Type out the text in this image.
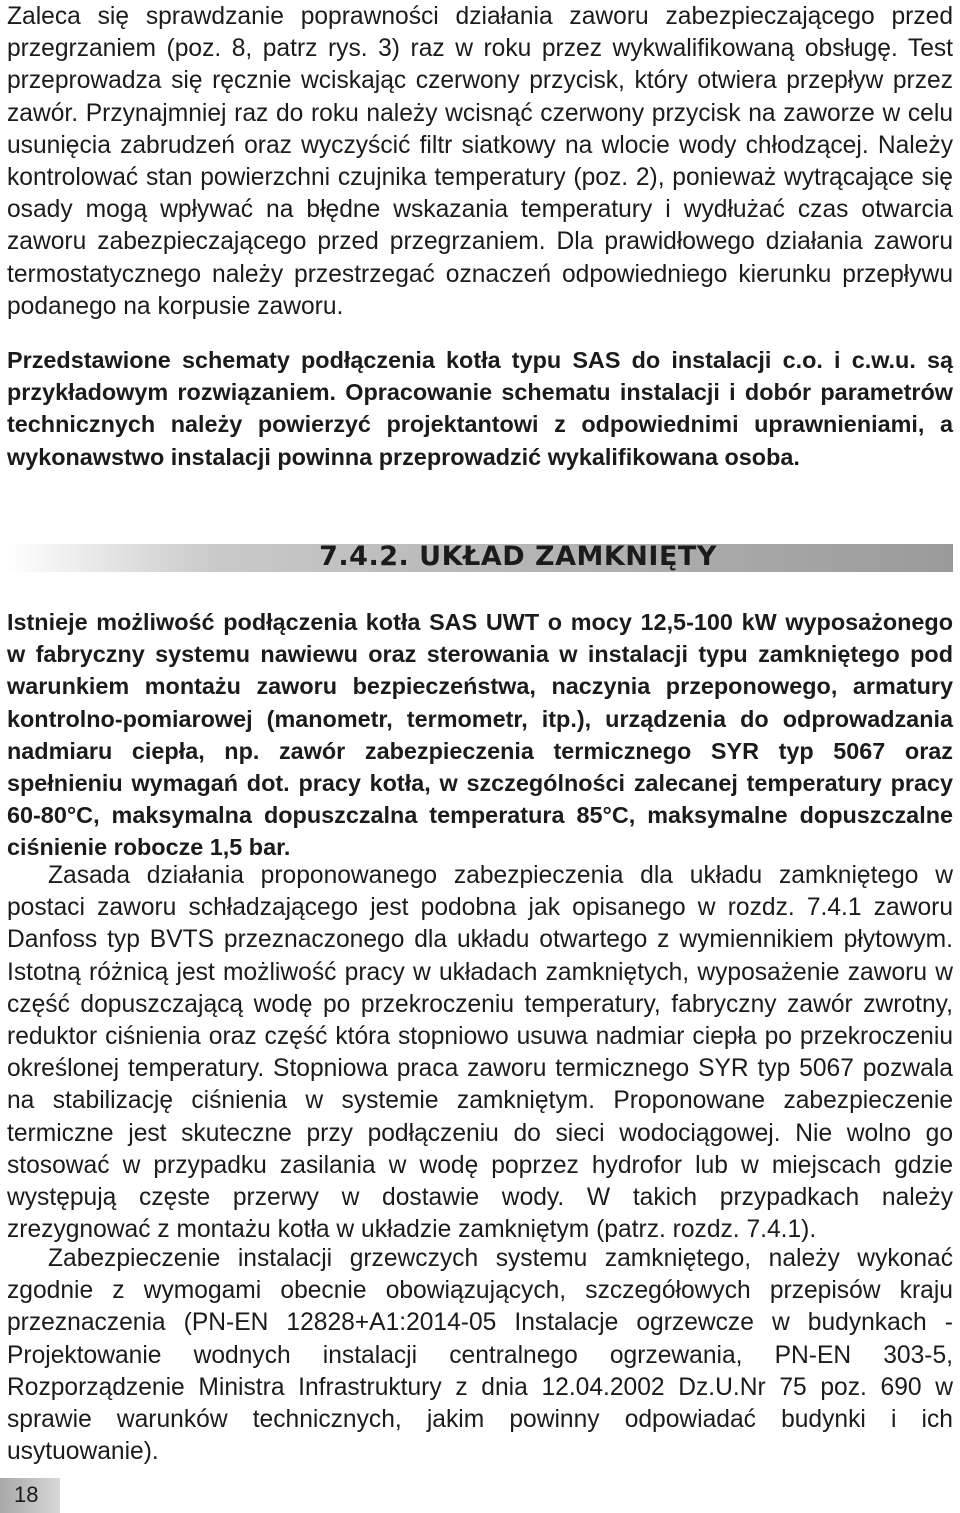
Zaleca się sprawdzanie poprawności działania zaworu zabezpieczającego przed przegrzaniem (poz. 8, patrz rys. 3) raz w roku przez wykwalifikowaną obsługę. Test przeprowadza się ręcznie wciskając czerwony przycisk, który otwiera przepływ przez zawór. Przynajmniej raz do roku należy wcisnąć czerwony przycisk na zaworze w celu usunięcia zabrudzeń oraz wyczyścić filtr siatkowy na wlocie wody chłodzącej. Należy kontrolować stan powierzchni czujnika temperatury (poz. 2), ponieważ wytrącające się osady mogą wpływać na błędne wskazania temperatury i wydłużać czas otwarcia zaworu zabezpieczającego przed przegrzaniem. Dla prawidłowego działania zaworu termostatycznego należy przestrzegać oznaczeń odpowiedniego kierunku przepływu podanego na korpusie zaworu.

Przedstawione schematy podłączenia kotła typu SAS do instalacji c.o. i c.w.u. są przykładowym rozwiązaniem. Opracowanie schematu instalacji i dobór parametrów technicznych należy powierzyć projektantowi z odpowiednimi uprawnieniami, a wykonawstwo instalacji powinna przeprowadzić wykalifikowana osoba.

7.4.2. UKŁAD ZAMKNIĘTY

Istnieje możliwość podłączenia kotła SAS UWT o mocy 12,5-100 kW wyposażonego w fabryczny systemu nawiewu oraz sterowania w instalacji typu zamkniętego pod warunkiem montażu zaworu bezpieczeństwa, naczynia przeponowego, armatury kontrolno-pomiarowej (manometr, termometr, itp.), urządzenia do odprowadzania nadmiaru ciepła, np. zawór zabezpieczenia termicznego SYR typ 5067 oraz spełnieniu wymagań dot. pracy kotła, w szczególności zalecanej temperatury pracy 60-80°C, maksymalna dopuszczalna temperatura 85°C, maksymalne dopuszczalne ciśnienie robocze 1,5 bar.

Zasada działania proponowanego zabezpieczenia dla układu zamkniętego w postaci zaworu schładzającego jest podobna jak opisanego w rozdz. 7.4.1 zaworu Danfoss typ BVTS przeznaczonego dla układu otwartego z wymiennikiem płytowym. Istotną różnicą jest możliwość pracy w układach zamkniętych, wyposażenie zaworu w część dopuszczającą wodę po przekroczeniu temperatury, fabryczny zawór zwrotny, reduktor ciśnienia oraz część która stopniowo usuwa nadmiar ciepła po przekroczeniu określonej temperatury. Stopniowa praca zaworu termicznego SYR typ 5067 pozwala na stabilizację ciśnienia w systemie zamkniętym. Proponowane zabezpieczenie termiczne jest skuteczne przy podłączeniu do sieci wodociągowej. Nie wolno go stosować w przypadku zasilania w wodę poprzez hydrofor lub w miejscach gdzie występują częste przerwy w dostawie wody. W takich przypadkach należy zrezygnować z montażu kotła w układzie zamkniętym (patrz. rozdz. 7.4.1).

Zabezpieczenie instalacji grzewczych systemu zamkniętego, należy wykonać zgodnie z wymogami obecnie obowiązujących, szczegółowych przepisów kraju przeznaczenia (PN-EN 12828+A1:2014-05 Instalacje ogrzewcze w budynkach - Projektowanie wodnych instalacji centralnego ogrzewania, PN-EN 303-5, Rozporządzenie Ministra Infrastruktury z dnia 12.04.2002 Dz.U.Nr 75 poz. 690 w sprawie warunków technicznych, jakim powinny odpowiadać budynki i ich usytuowanie).

18
